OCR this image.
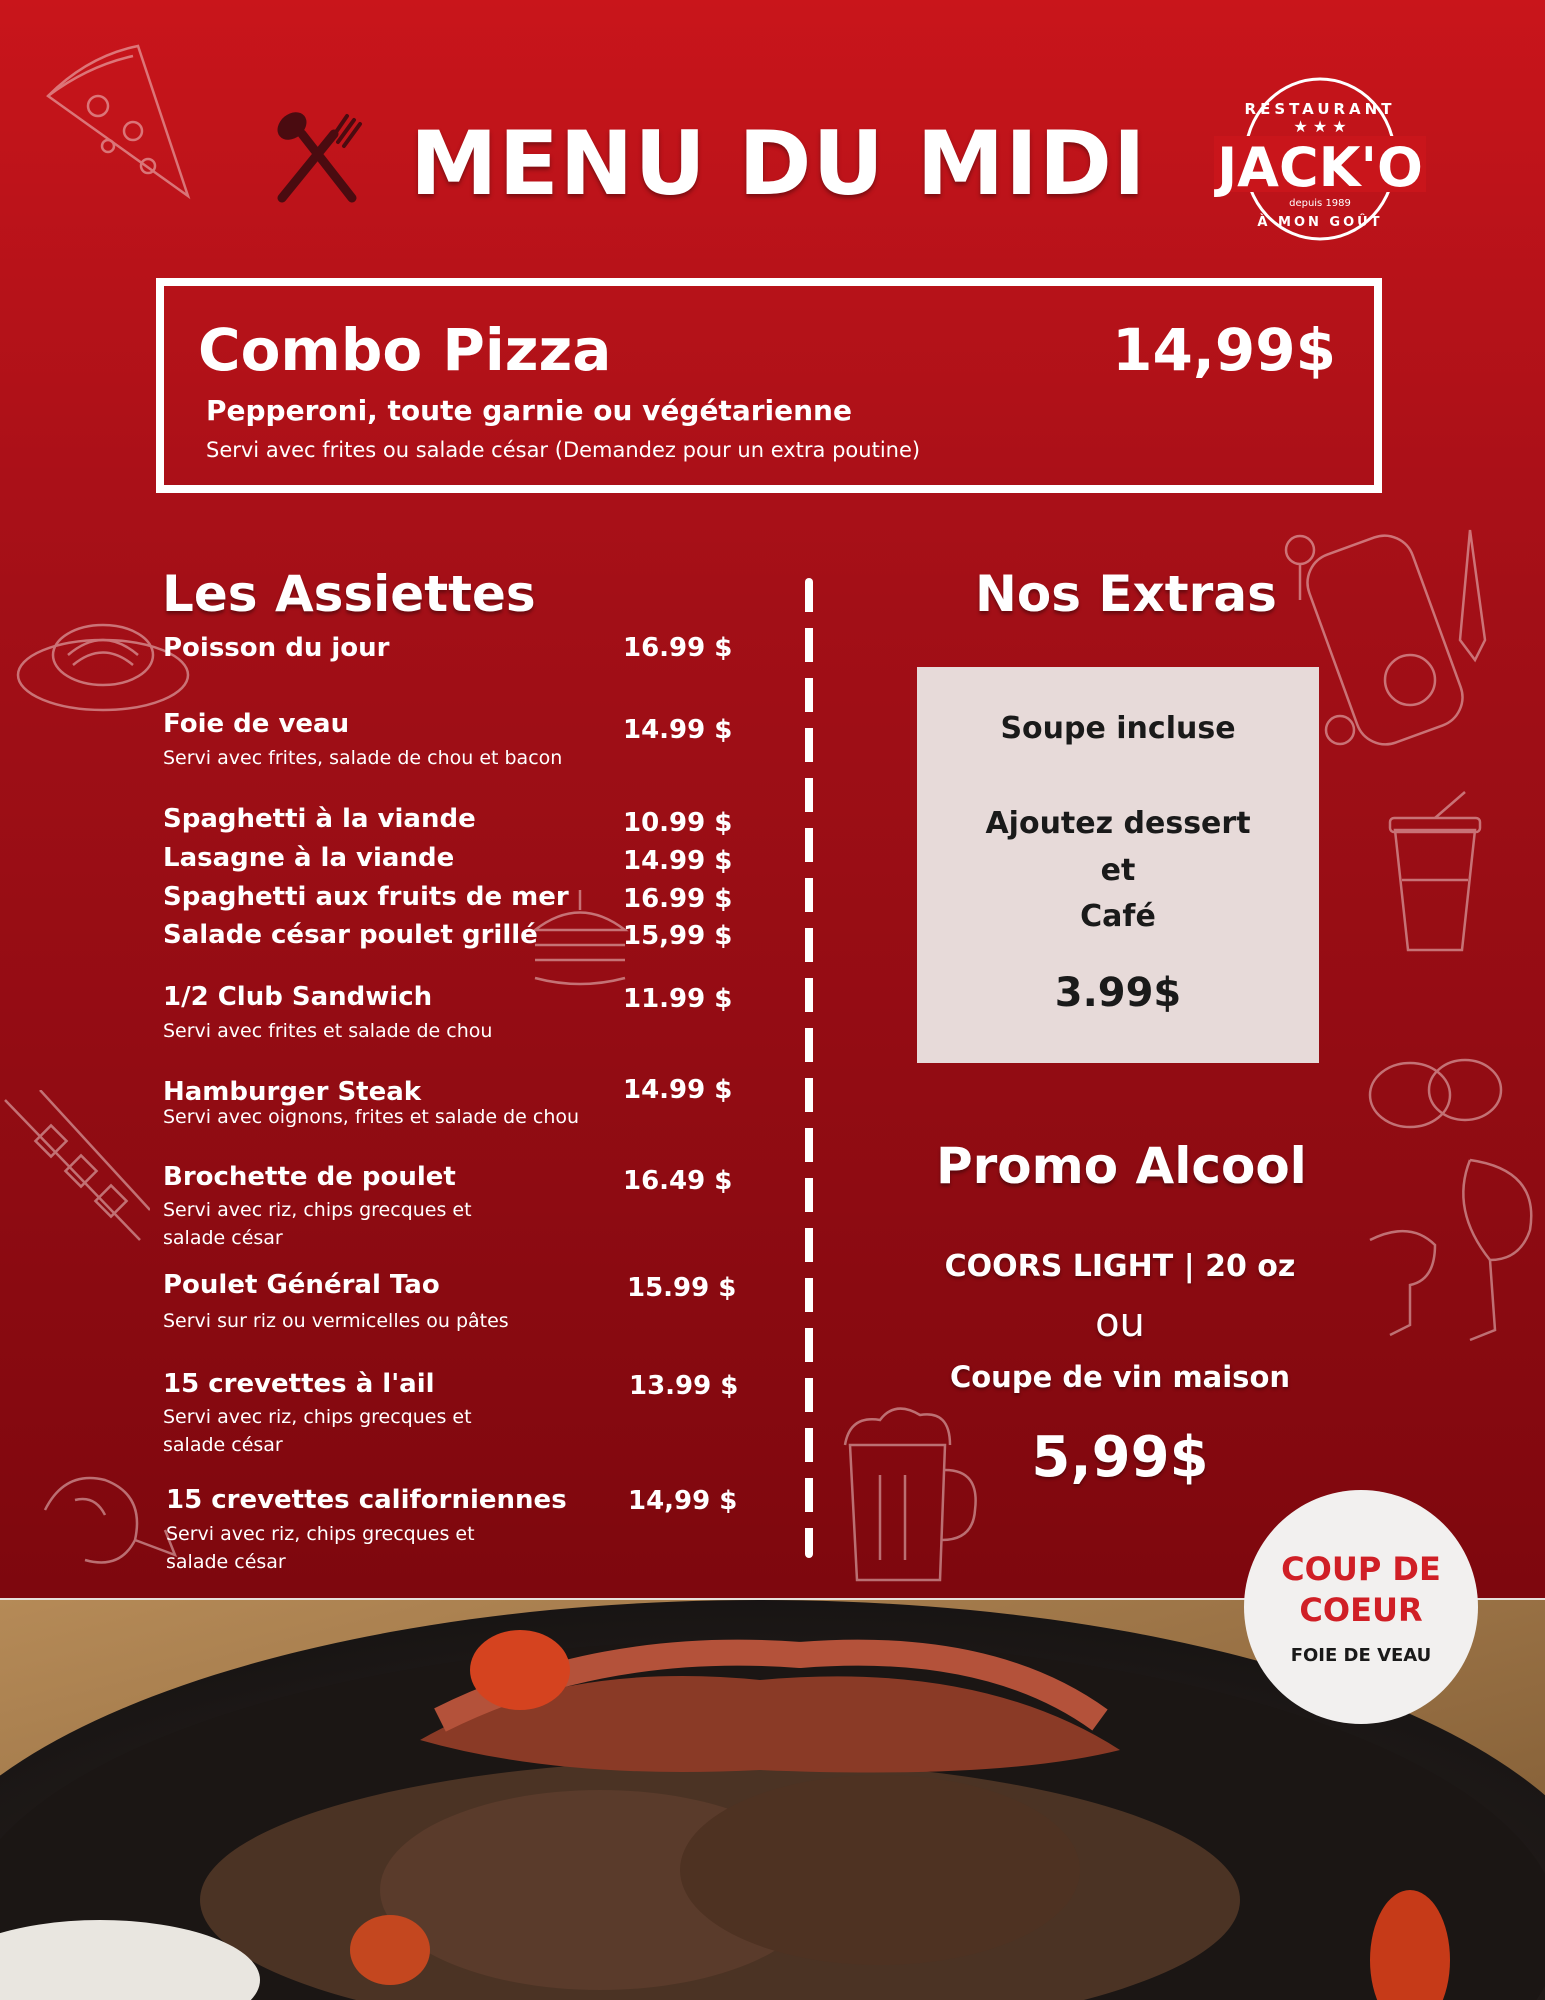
MENU DU MIDI
RESTAURANT
★ ★ ★
JACK'O
depuis 1989
À MON GOÛT
Combo Pizza	14,99$
Pepperoni, toute garnie ou végétarienne
Servi avec frites ou salade césar (Demandez pour un extra poutine)
Les Assiettes
Poisson du jour	16.99 $
Foie de veau	14.99 $
Servi avec frites, salade de chou et bacon
Spaghetti à la viande	10.99 $
Lasagne à la viande	14.99 $
Spaghetti aux fruits de mer 16.99 $
Salade césar poulet grillé	15,99 $
1/2 Club Sandwich	11.99 $
Servi avec frites et salade de chou
Hamburger Steak	14.99 $
Servi avec oignons, frites et salade de chou
Brochette de poulet	16.49 $
Servi avec riz, chips grecques et salade césar
Poulet Général Tao	15.99 $
Servi sur riz ou vermicelles ou pâtes
15 crevettes à l'ail	13.99 $
Servi avec riz, chips grecques et salade césar
15 crevettes californiennes 14,99 $
Servi avec riz, chips grecques et salade césar
Nos Extras
Soupe incluse
Ajoutez dessert
et
Café
3.99$
Promo Alcool
COORS LIGHT | 20 oz
ou
Coupe de vin maison
5,99$
COUP DE
COEUR
FOIE DE VEAU
